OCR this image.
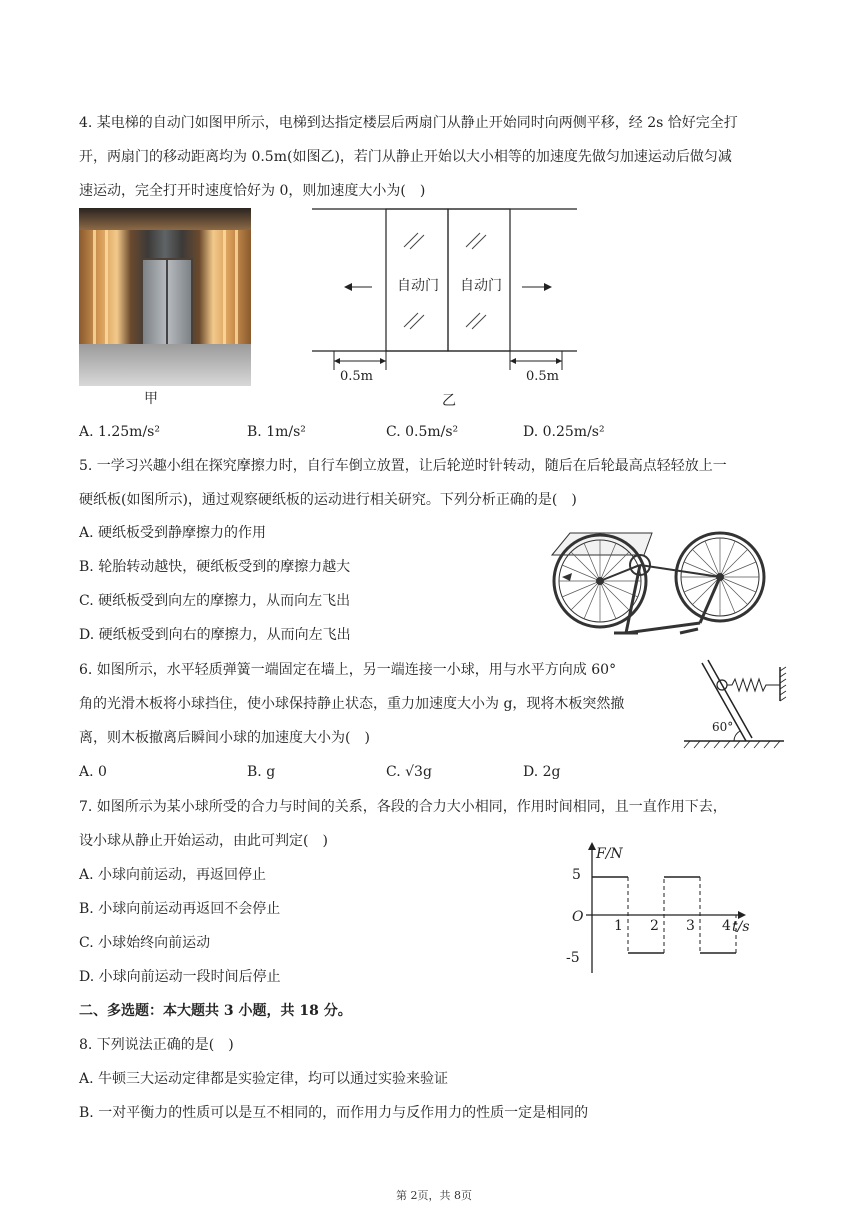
4. 某电梯的自动门如图甲所示，电梯到达指定楼层后两扇门从静止开始同时向两侧平移，经 2s 恰好完全打
开，两扇门的移动距离均为 0.5m(如图乙)，若门从静止开始以大小相等的加速度先做匀加速运动后做匀减
速运动，完全打开时速度恰好为 0，则加速度大小为(　)
甲
自动门 自动门
0.5m	0.5m
乙
A. 1.25m/s²	B. 1m/s²	C. 0.5m/s²	D. 0.25m/s²
5. 一学习兴趣小组在探究摩擦力时，自行车倒立放置，让后轮逆时针转动，随后在后轮最高点轻轻放上一
硬纸板(如图所示)，通过观察硬纸板的运动进行相关研究。下列分析正确的是(　)
A. 硬纸板受到静摩擦力的作用
B. 轮胎转动越快，硬纸板受到的摩擦力越大
C. 硬纸板受到向左的摩擦力，从而向左飞出
D. 硬纸板受到向右的摩擦力，从而向左飞出
6. 如图所示，水平轻质弹簧一端固定在墙上，另一端连接一小球，用与水平方向成 60°
角的光滑木板将小球挡住，使小球保持静止状态，重力加速度大小为 g，现将木板突然撤
离，则木板撤离后瞬间小球的加速度大小为(　)
60°
A. 0	B. g	C. √3g	D. 2g
7. 如图所示为某小球所受的合力与时间的关系，各段的合力大小相同，作用时间相同，且一直作用下去，
设小球从静止开始运动，由此可判定(　)
A. 小球向前运动，再返回停止
B. 小球向前运动再返回不会停止
C. 小球始终向前运动
D. 小球向前运动一段时间后停止
F/N
t/s
5
O
-5
1 2 3 4
二、多选题：本大题共 3 小题，共 18 分。
8. 下列说法正确的是(　)
A. 牛顿三大运动定律都是实验定律，均可以通过实验来验证
B. 一对平衡力的性质可以是互不相同的，而作用力与反作用力的性质一定是相同的
第 2页，共 8页
